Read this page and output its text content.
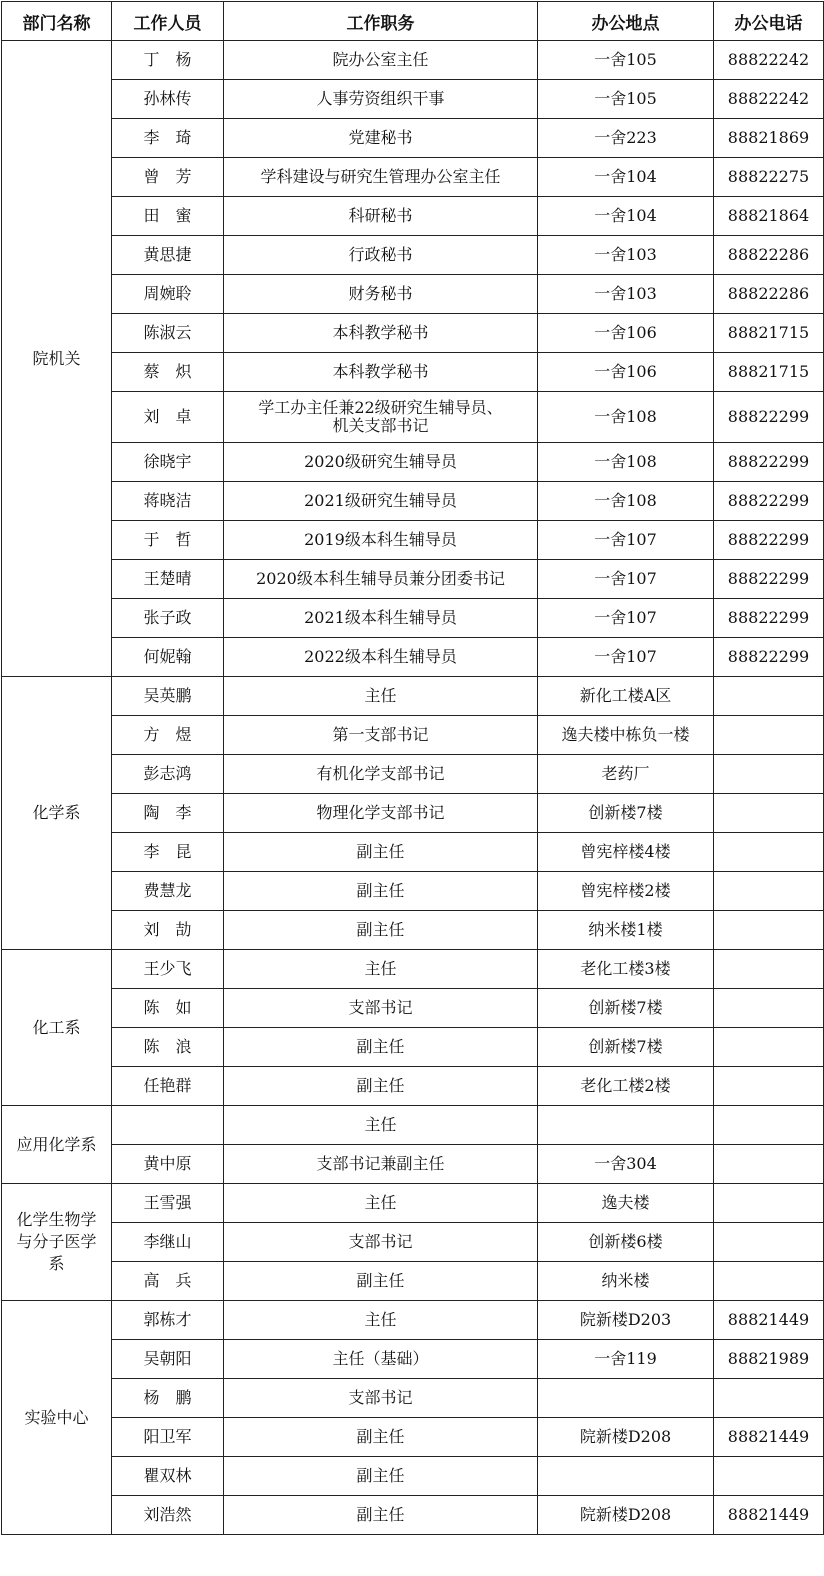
部门名称	工作人员	工作职务	办公地点	办公电话
院机关	丁　杨	院办公室主任	一舍105	88822242
	孙林传	人事劳资组织干事	一舍105	88822242
	李　琦	党建秘书	一舍223	88821869
	曾　芳	学科建设与研究生管理办公室主任	一舍104	88822275
	田　蜜	科研秘书	一舍104	88821864
	黄思捷	行政秘书	一舍103	88822286
	周婉聆	财务秘书	一舍103	88822286
	陈淑云	本科教学秘书	一舍106	88821715
	蔡　炽	本科教学秘书	一舍106	88821715
	刘　卓	学工办主任兼22级研究生辅导员、
机关支部书记	一舍108	88822299
	徐晓宇	2020级研究生辅导员	一舍108	88822299
	蒋晓洁	2021级研究生辅导员	一舍108	88822299
	于　哲	2019级本科生辅导员	一舍107	88822299
	王楚晴	2020级本科生辅导员兼分团委书记	一舍107	88822299
	张子政	2021级本科生辅导员	一舍107	88822299
	何妮翰	2022级本科生辅导员	一舍107	88822299
化学系	吴英鹏	主任	新化工楼A区	
	方　煜	第一支部书记	逸夫楼中栋负一楼	
	彭志鸿	有机化学支部书记	老药厂	
	陶　李	物理化学支部书记	创新楼7楼	
	李　昆	副主任	曾宪梓楼4楼	
	费慧龙	副主任	曾宪梓楼2楼	
	刘　劼	副主任	纳米楼1楼	
化工系	王少飞	主任	老化工楼3楼	
	陈　如	支部书记	创新楼7楼	
	陈　浪	副主任	创新楼7楼	
	任艳群	副主任	老化工楼2楼	
应用化学系		主任		
	黄中原	支部书记兼副主任	一舍304	
化学生物学
与分子医学
系	王雪强	主任	逸夫楼	
	李继山	支部书记	创新楼6楼	
	高　兵	副主任	纳米楼	
实验中心	郭栋才	主任	院新楼D203	88821449
	吴朝阳	主任（基础）	一舍119	88821989
	杨　鹏	支部书记		
	阳卫军	副主任	院新楼D208	88821449
	瞿双林	副主任		
	刘浩然	副主任	院新楼D208	88821449
